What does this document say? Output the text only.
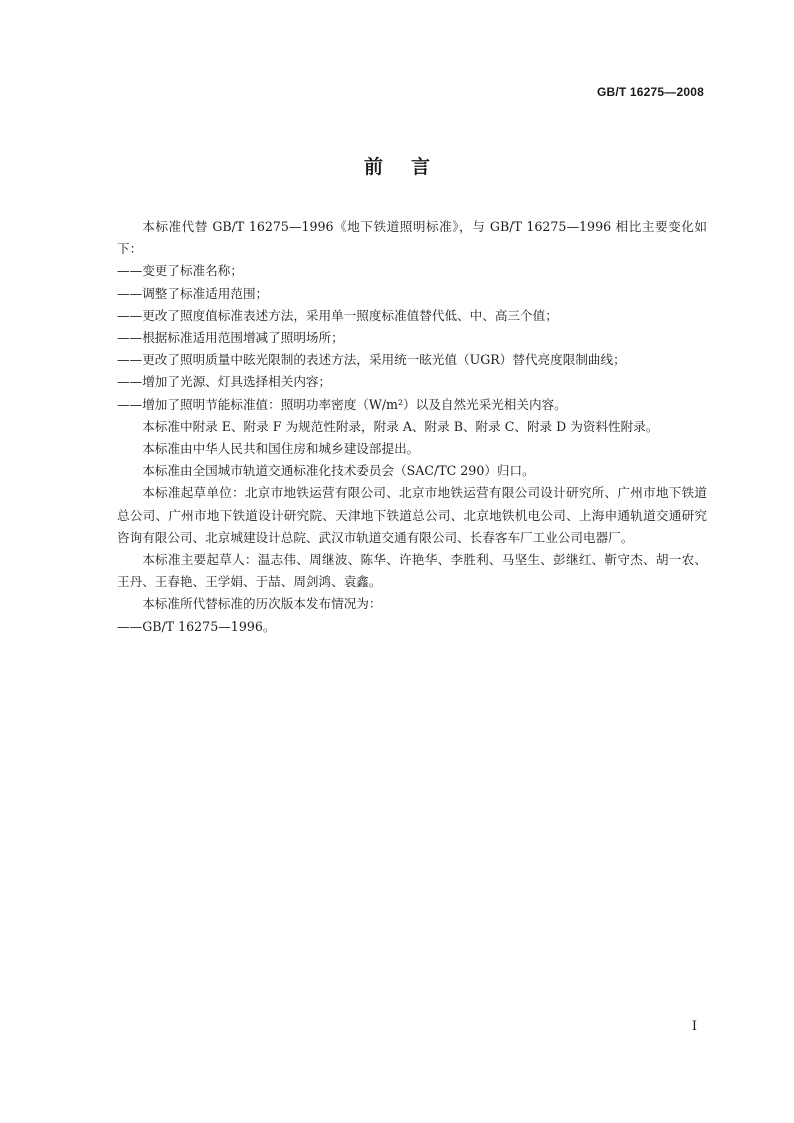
GB/T 16275—2008
前言

本标准代替 GB/T 16275—1996《地下铁道照明标准》，与 GB/T 16275—1996 相比主要变化如下：

——变更了标准名称；

——调整了标准适用范围；

——更改了照度值标准表述方法，采用单一照度标准值替代低、中、高三个值；

——根据标准适用范围增减了照明场所；

——更改了照明质量中眩光限制的表述方法，采用统一眩光值（UGR）替代亮度限制曲线；

——增加了光源、灯具选择相关内容；

——增加了照明节能标准值：照明功率密度（W/m²）以及自然光采光相关内容。

本标准中附录 E、附录 F 为规范性附录，附录 A、附录 B、附录 C、附录 D 为资料性附录。

本标准由中华人民共和国住房和城乡建设部提出。

本标准由全国城市轨道交通标准化技术委员会（SAC/TC 290）归口。

本标准起草单位：北京市地铁运营有限公司、北京市地铁运营有限公司设计研究所、广州市地下铁道总公司、广州市地下铁道设计研究院、天津地下铁道总公司、北京地铁机电公司、上海申通轨道交通研究咨询有限公司、北京城建设计总院、武汉市轨道交通有限公司、长春客车厂工业公司电器厂。

本标准主要起草人：温志伟、周继波、陈华、许艳华、李胜利、马坚生、彭继红、靳守杰、胡一农、王丹、王春艳、王学娟、于喆、周剑鸿、袁鑫。

本标准所代替标准的历次版本发布情况为：

——GB/T 16275—1996。

I
